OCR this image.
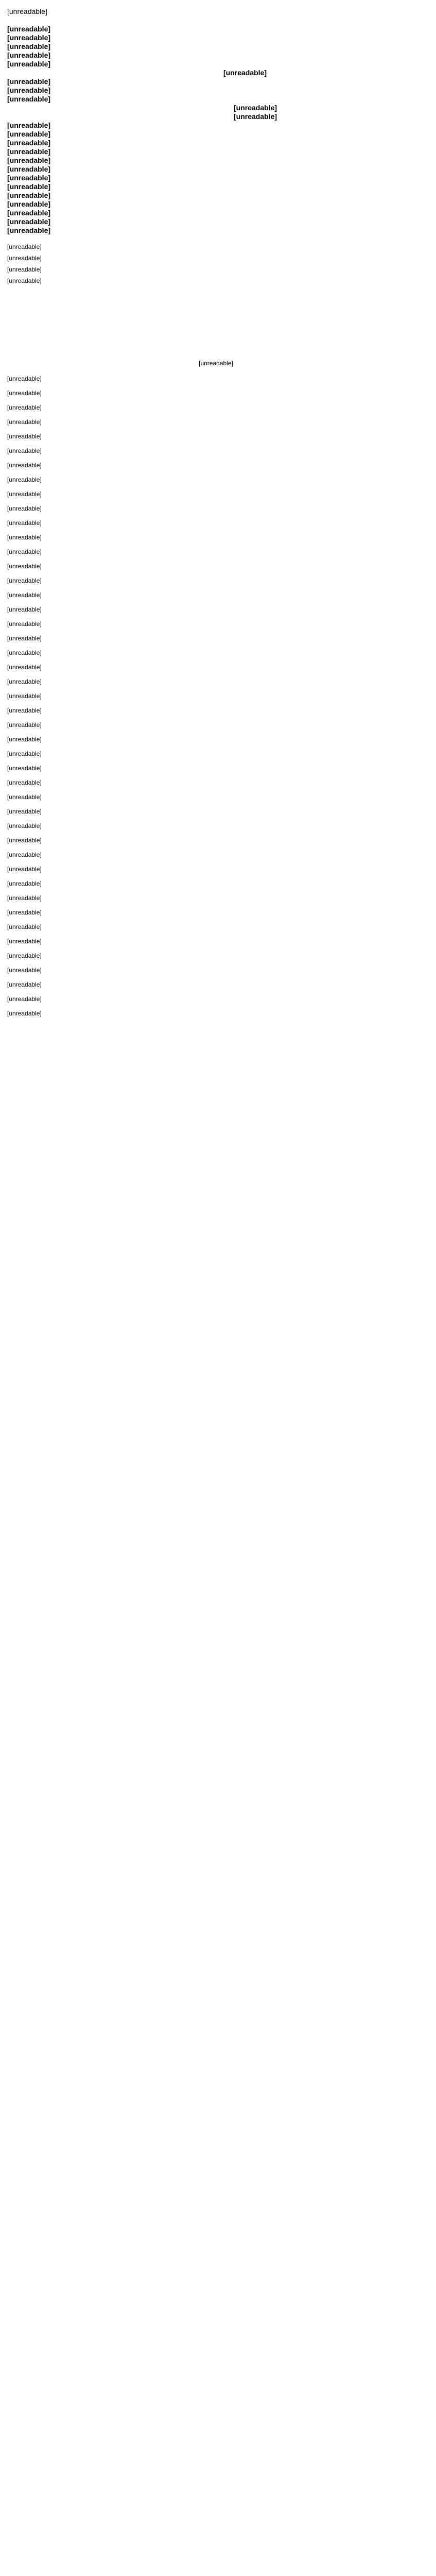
[unreadable]
[unreadable]
[unreadable]
[unreadable]
[unreadable]
[unreadable]
[unreadable]
[unreadable]
[unreadable]
[unreadable]
[unreadable]
[unreadable]
[unreadable]
[unreadable]
[unreadable]
[unreadable]
[unreadable]
[unreadable]
[unreadable]
[unreadable]
[unreadable]
[unreadable]
[unreadable]
[unreadable]
[unreadable]
[unreadable]
[unreadable]
[unreadable]
[unreadable]
[unreadable]

[unreadable]

[unreadable]

[unreadable]

[unreadable]

[unreadable]

[unreadable]

[unreadable]

[unreadable]

[unreadable]

[unreadable]

[unreadable]

[unreadable]

[unreadable]

[unreadable]

[unreadable]

[unreadable]

[unreadable]

[unreadable]

[unreadable]

[unreadable]

[unreadable]

[unreadable]

[unreadable]

[unreadable]

[unreadable]

[unreadable]

[unreadable]

[unreadable]

[unreadable]

[unreadable]

[unreadable]

[unreadable]

[unreadable]

[unreadable]

[unreadable]

[unreadable]

[unreadable]

[unreadable]

[unreadable]

[unreadable]

[unreadable]

[unreadable]

[unreadable]

[unreadable]

[unreadable]
